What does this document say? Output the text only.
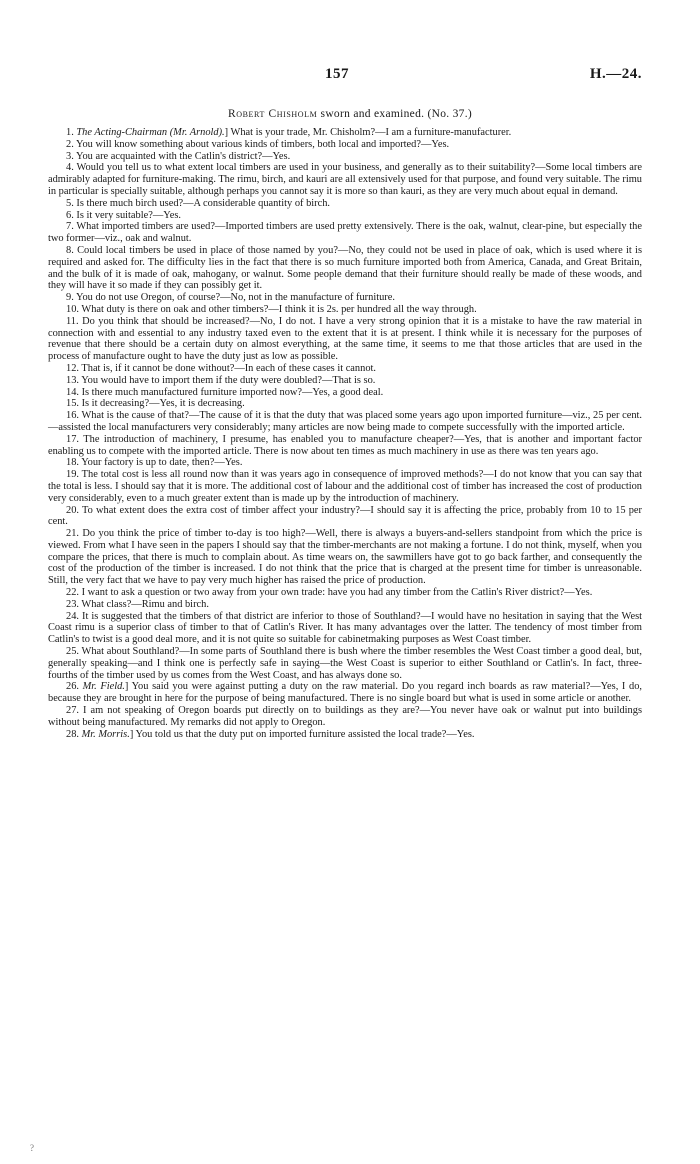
157	H.—24.
Robert Chisholm sworn and examined. (No. 37.)

1. The Acting-Chairman (Mr. Arnold).] What is your trade, Mr. Chisholm?—I am a furniture-manufacturer.

2. You will know something about various kinds of timbers, both local and imported?—Yes.

3. You are acquainted with the Catlin's district?—Yes.

4. Would you tell us to what extent local timbers are used in your business, and generally as to their suitability?—Some local timbers are admirably adapted for furniture-making. The rimu, birch, and kauri are all extensively used for that purpose, and found very suitable. The rimu in particular is specially suitable, although perhaps you cannot say it is more so than kauri, as they are very much about equal in demand.

5. Is there much birch used?—A considerable quantity of birch.

6. Is it very suitable?—Yes.

7. What imported timbers are used?—Imported timbers are used pretty extensively. There is the oak, walnut, clear-pine, but especially the two former—viz., oak and walnut.

8. Could local timbers be used in place of those named by you?—No, they could not be used in place of oak, which is used where it is required and asked for. The difficulty lies in the fact that there is so much furniture imported both from America, Canada, and Great Britain, and the bulk of it is made of oak, mahogany, or walnut. Some people demand that their furniture should really be made of these woods, and they will have it so made if they can possibly get it.

9. You do not use Oregon, of course?—No, not in the manufacture of furniture.

10. What duty is there on oak and other timbers?—I think it is 2s. per hundred all the way through.

11. Do you think that should be increased?—No, I do not. I have a very strong opinion that it is a mistake to have the raw material in connection with and essential to any industry taxed even to the extent that it is at present. I think while it is necessary for the purposes of revenue that there should be a certain duty on almost everything, at the same time, it seems to me that those articles that are used in the process of manufacture ought to have the duty just as low as possible.

12. That is, if it cannot be done without?—In each of these cases it cannot.

13. You would have to import them if the duty were doubled?—That is so.

14. Is there much manufactured furniture imported now?—Yes, a good deal.

15. Is it decreasing?—Yes, it is decreasing.

16. What is the cause of that?—The cause of it is that the duty that was placed some years ago upon imported furniture—viz., 25 per cent.—assisted the local manufacturers very considerably; many articles are now being made to compete successfully with the imported article.

17. The introduction of machinery, I presume, has enabled you to manufacture cheaper?—Yes, that is another and important factor enabling us to compete with the imported article. There is now about ten times as much machinery in use as there was ten years ago.

18. Your factory is up to date, then?—Yes.

19. The total cost is less all round now than it was years ago in consequence of improved methods?—I do not know that you can say that the total is less. I should say that it is more. The additional cost of labour and the additional cost of timber has increased the cost of production very considerably, even to a much greater extent than is made up by the introduction of machinery.

20. To what extent does the extra cost of timber affect your industry?—I should say it is affecting the price, probably from 10 to 15 per cent.

21. Do you think the price of timber to-day is too high?—Well, there is always a buyers-and-sellers standpoint from which the price is viewed. From what I have seen in the papers I should say that the timber-merchants are not making a fortune. I do not think, myself, when you compare the prices, that there is much to complain about. As time wears on, the sawmillers have got to go back farther, and consequently the cost of the production of the timber is increased. I do not think that the price that is charged at the present time for timber is unreasonable. Still, the very fact that we have to pay very much higher has raised the price of production.

22. I want to ask a question or two away from your own trade: have you had any timber from the Catlin's River district?—Yes.

23. What class?—Rimu and birch.

24. It is suggested that the timbers of that district are inferior to those of Southland?—I would have no hesitation in saying that the West Coast rimu is a superior class of timber to that of Catlin's River. It has many advantages over the latter. The tendency of most timber from Catlin's to twist is a good deal more, and it is not quite so suitable for cabinetmaking purposes as West Coast timber.

25. What about Southland?—In some parts of Southland there is bush where the timber resembles the West Coast timber a good deal, but, generally speaking—and I think one is perfectly safe in saying—the West Coast is superior to either Southland or Catlin's. In fact, three-fourths of the timber used by us comes from the West Coast, and has always done so.

26. Mr. Field.] You said you were against putting a duty on the raw material. Do you regard inch boards as raw material?—Yes, I do, because they are brought in here for the purpose of being manufactured. There is no single board but what is used in some article or another.

27. I am not speaking of Oregon boards put directly on to buildings as they are?—You never have oak or walnut put into buildings without being manufactured. My remarks did not apply to Oregon.

28. Mr. Morris.] You told us that the duty put on imported furniture assisted the local trade?—Yes.

?
